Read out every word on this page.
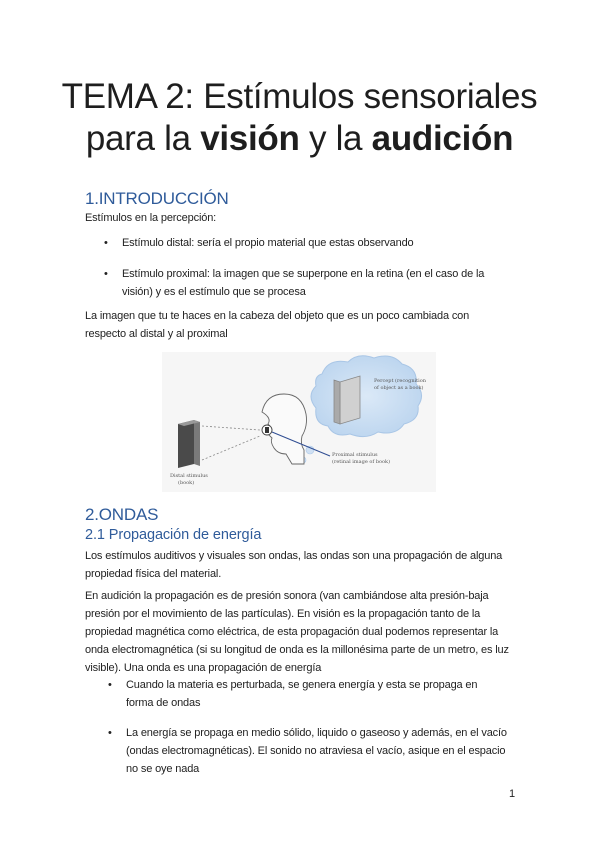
TEMA 2: Estímulos sensoriales
para la visión y la audición
1.INTRODUCCIÓN
Estímulos en la percepción:
• Estímulo distal: sería el propio material que estas observando
• Estímulo proximal: la imagen que se superpone en la retina (en el caso de la visión) y es el estímulo que se procesa
La imagen que tu te haces en la cabeza del objeto que es un poco cambiada con respecto al distal y al proximal
Percept (recognition
of object as a book)
Distal stimulus
(book)
Proximal stimulus
(retinal image of book)
2.ONDAS
2.1 Propagación de energía
Los estímulos auditivos y visuales son ondas, las ondas son una propagación de alguna propiedad física del material.
En audición la propagación es de presión sonora (van cambiándose alta presión-baja presión por el movimiento de las partículas). En visión es la propagación tanto de la propiedad magnética como eléctrica, de esta propagación dual podemos representar la onda electromagnética (si su longitud de onda es la millonésima parte de un metro, es luz visible). Una onda es una propagación de energía
• Cuando la materia es perturbada, se genera energía y esta se propaga en forma de ondas
• La energía se propaga en medio sólido, liquido o gaseoso y además, en el vacío (ondas electromagnéticas). El sonido no atraviesa el vacío, asique en el espacio no se oye nada
1
